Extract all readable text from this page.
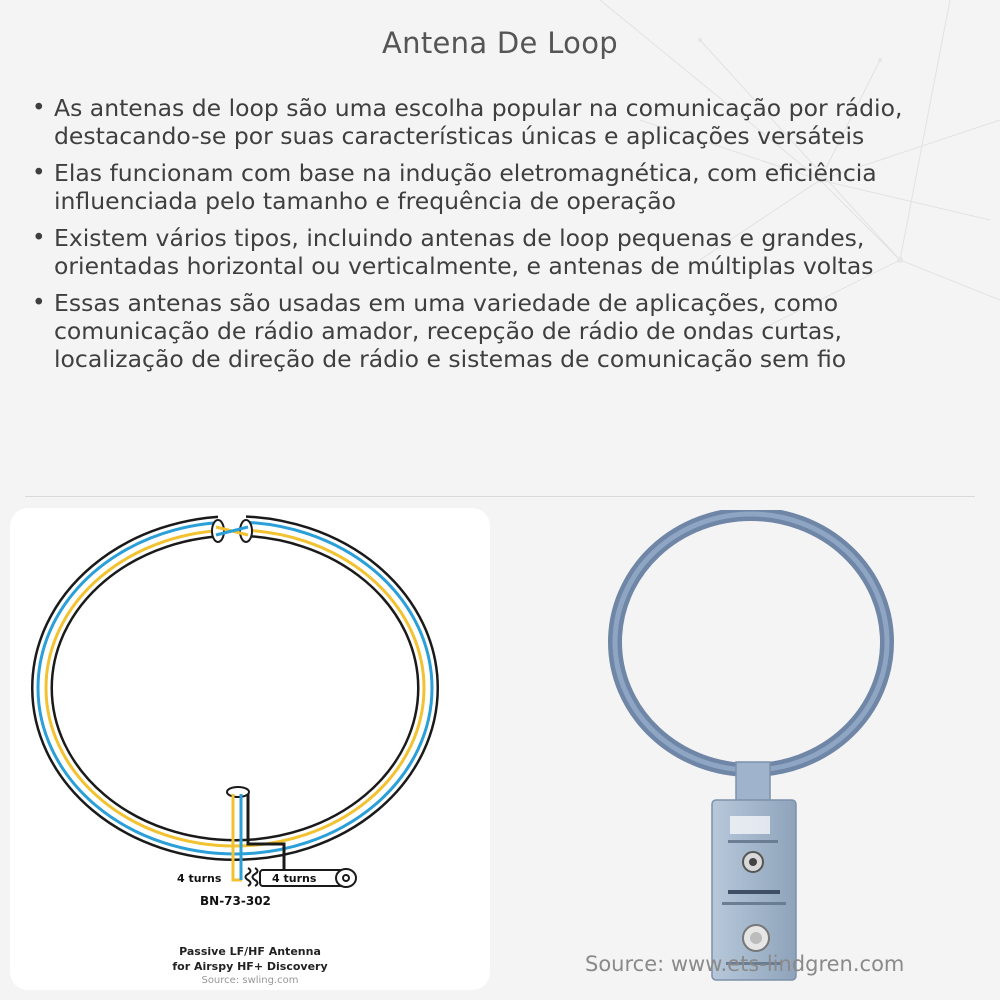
Antena De Loop
• As antenas de loop são uma escolha popular na comunicação por rádio, destacando-se por suas características únicas e aplicações versáteis
• Elas funcionam com base na indução eletromagnética, com eficiência influenciada pelo tamanho e frequência de operação
• Existem vários tipos, incluindo antenas de loop pequenas e grandes, orientadas horizontal ou verticalmente, e antenas de múltiplas voltas
• Essas antenas são usadas em uma variedade de aplicações, como comunicação de rádio amador, recepção de rádio de ondas curtas, localização de direção de rádio e sistemas de comunicação sem fio
4 turns	4 turns
BN-73-302
Passive LF/HF Antenna
for Airspy HF+ Discovery
Source: swling.com
Source: www.ets-lindgren.com
